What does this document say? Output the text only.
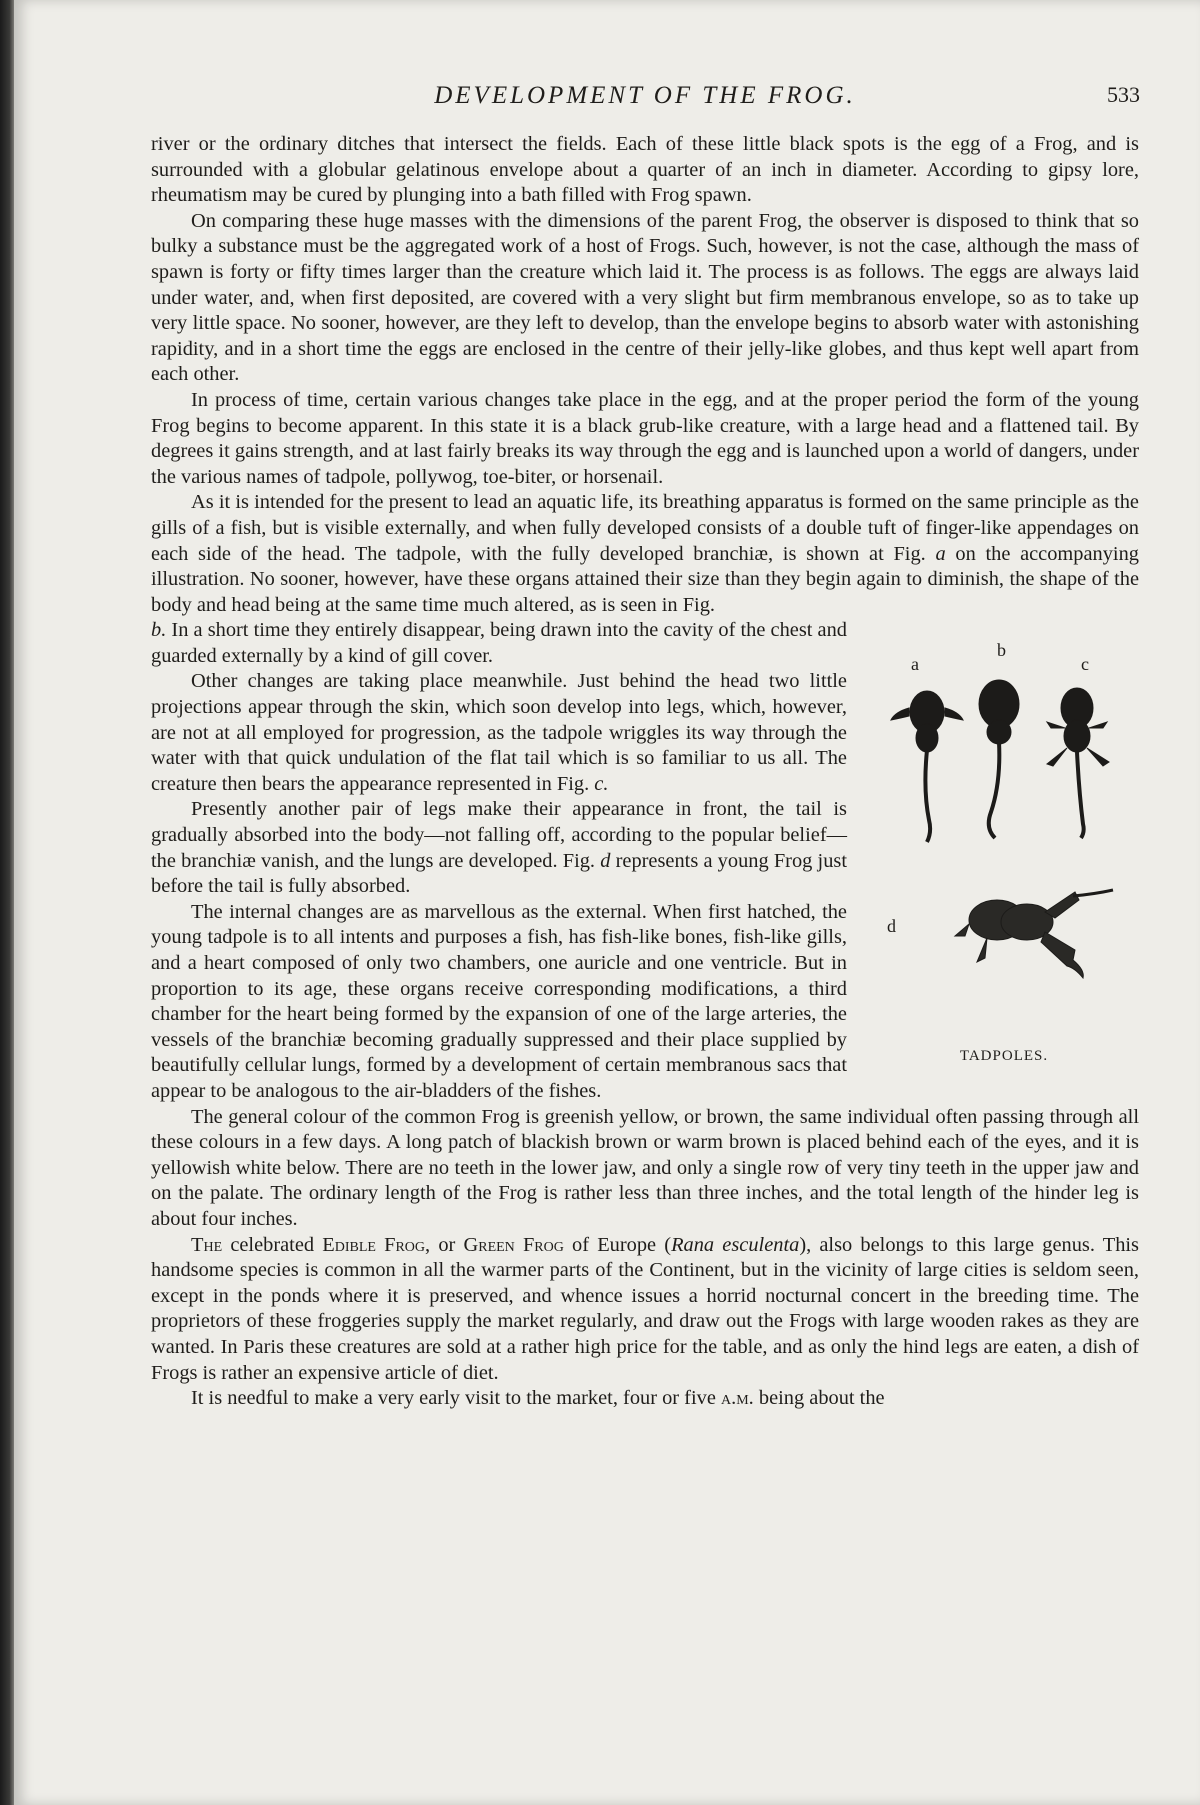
DEVELOPMENT OF THE FROG.	533

river or the ordinary ditches that intersect the fields. Each of these little black spots is the egg of a Frog, and is surrounded with a globular gelatinous envelope about a quarter of an inch in diameter. According to gipsy lore, rheumatism may be cured by plunging into a bath filled with Frog spawn.

On comparing these huge masses with the dimensions of the parent Frog, the observer is disposed to think that so bulky a substance must be the aggregated work of a host of Frogs. Such, however, is not the case, although the mass of spawn is forty or fifty times larger than the creature which laid it. The process is as follows. The eggs are always laid under water, and, when first deposited, are covered with a very slight but firm membranous envelope, so as to take up very little space. No sooner, however, are they left to develop, than the envelope begins to absorb water with astonishing rapidity, and in a short time the eggs are enclosed in the centre of their jelly-like globes, and thus kept well apart from each other.

In process of time, certain various changes take place in the egg, and at the proper period the form of the young Frog begins to become apparent. In this state it is a black grub-like creature, with a large head and a flattened tail. By degrees it gains strength, and at last fairly breaks its way through the egg and is launched upon a world of dangers, under the various names of tadpole, pollywog, toe-biter, or horsenail.

As it is intended for the present to lead an aquatic life, its breathing apparatus is formed on the same principle as the gills of a fish, but is visible externally, and when fully developed consists of a double tuft of finger-like appendages on each side of the head. The tadpole, with the fully developed branchiæ, is shown at Fig. a on the accompanying illustration. No sooner, however, have these organs attained their size than they begin again to diminish, the shape of the body and head being at the same time much altered, as is seen in Fig.

a
b
c
d
TADPOLES.
b. In a short time they entirely disappear, being drawn into the cavity of the chest and guarded externally by a kind of gill cover.

Other changes are taking place meanwhile. Just behind the head two little projections appear through the skin, which soon develop into legs, which, however, are not at all employed for progression, as the tadpole wriggles its way through the water with that quick undulation of the flat tail which is so familiar to us all. The creature then bears the appearance represented in Fig. c.

Presently another pair of legs make their appearance in front, the tail is gradually absorbed into the body—not falling off, according to the popular belief—the branchiæ vanish, and the lungs are developed. Fig. d represents a young Frog just before the tail is fully absorbed.

The internal changes are as marvellous as the external. When first hatched, the young tadpole is to all intents and purposes a fish, has fish-like bones, fish-like gills, and a heart composed of only two chambers, one auricle and one ventricle. But in proportion to its age, these organs receive corresponding modifications, a third chamber for the heart being formed by the expansion of one of the large arteries, the vessels of the branchiæ becoming gradually suppressed and their place supplied by beautifully cellular lungs, formed by a development of certain membranous sacs that appear to be analogous to the air-bladders of the fishes.

The general colour of the common Frog is greenish yellow, or brown, the same individual often passing through all these colours in a few days. A long patch of blackish brown or warm brown is placed behind each of the eyes, and it is yellowish white below. There are no teeth in the lower jaw, and only a single row of very tiny teeth in the upper jaw and on the palate. The ordinary length of the Frog is rather less than three inches, and the total length of the hinder leg is about four inches.

The celebrated Edible Frog, or Green Frog of Europe (Rana esculenta), also belongs to this large genus. This handsome species is common in all the warmer parts of the Continent, but in the vicinity of large cities is seldom seen, except in the ponds where it is preserved, and whence issues a horrid nocturnal concert in the breeding time. The proprietors of these froggeries supply the market regularly, and draw out the Frogs with large wooden rakes as they are wanted. In Paris these creatures are sold at a rather high price for the table, and as only the hind legs are eaten, a dish of Frogs is rather an expensive article of diet.

It is needful to make a very early visit to the market, four or five a.m. being about the
